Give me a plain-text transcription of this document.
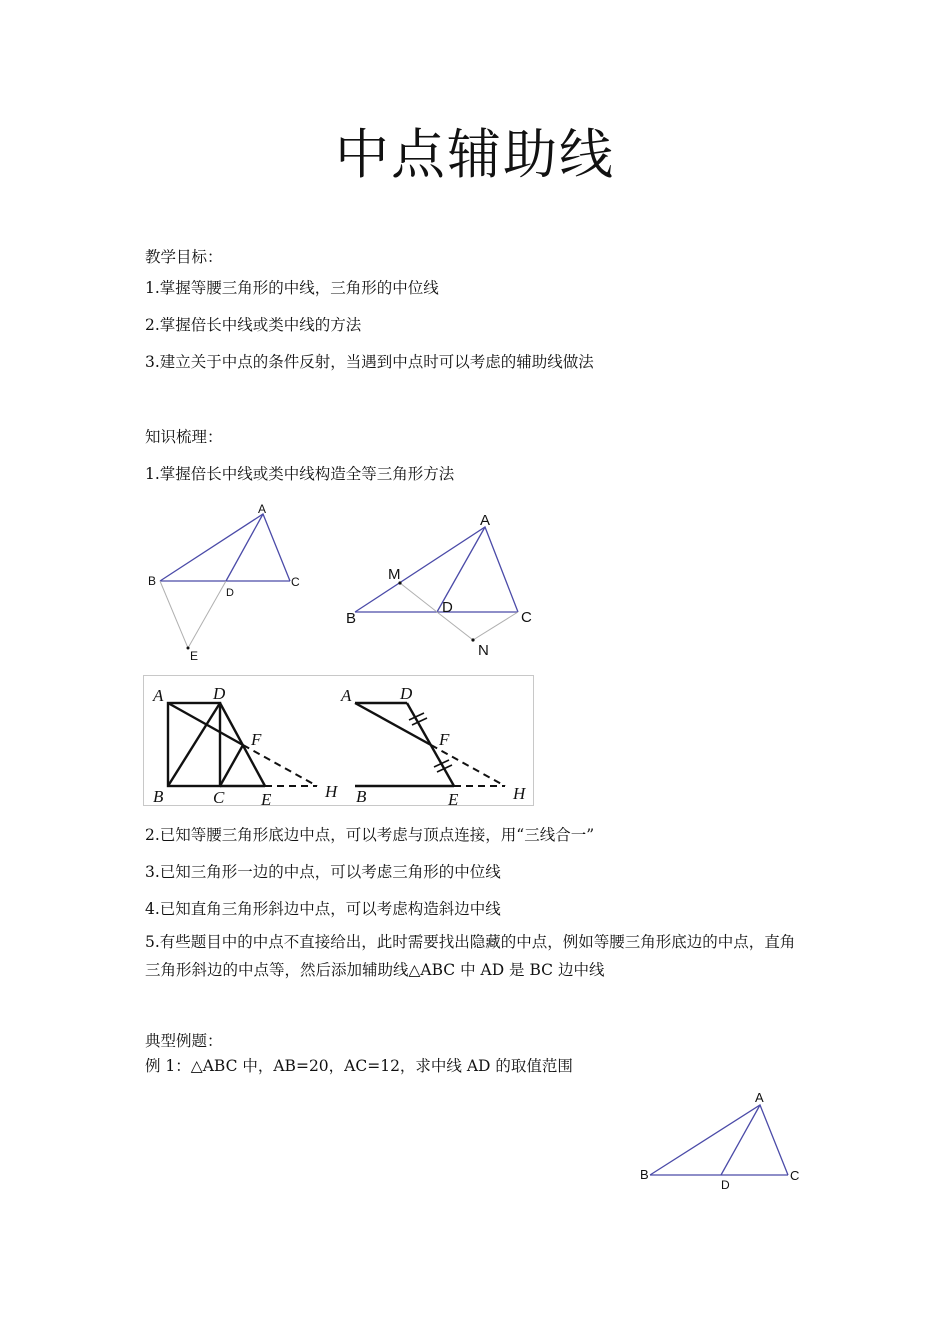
中点辅助线
教学目标：
1.掌握等腰三角形的中线，三角形的中位线
2.掌握倍长中线或类中线的方法
3.建立关于中点的条件反射，当遇到中点时可以考虑的辅助线做法
知识梳理：
1.掌握倍长中线或类中线构造全等三角形方法
A
B	C
D
E
A
B	C
D
M
N
A	D
F
B	C E	H
A	D
F
B	E	H
2.已知等腰三角形底边中点，可以考虑与顶点连接，用“三线合一”
3.已知三角形一边的中点，可以考虑三角形的中位线
4.已知直角三角形斜边中点，可以考虑构造斜边中线
5.有些题目中的中点不直接给出，此时需要找出隐藏的中点，例如等腰三角形底边的中点，直角三角形斜边的中点等，然后添加辅助线△ABC 中 AD 是 BC 边中线
典型例题：
例 1：△ABC 中，AB=20，AC=12，求中线 AD 的取值范围
A
B	C
D
